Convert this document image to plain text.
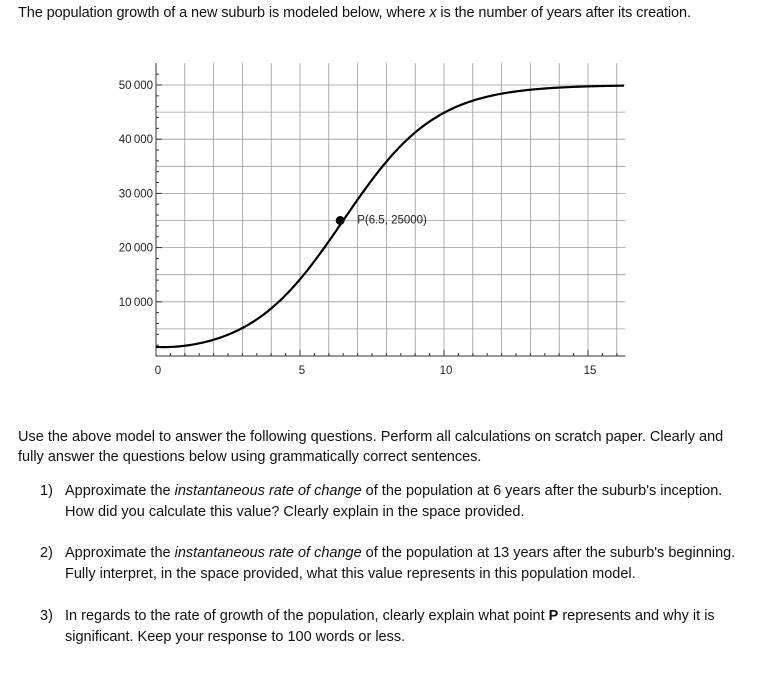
The population growth of a new suburb is modeled below, where x is the number of years after its creation.
10 000
20 000
30 000
40 000
50 000
0	5	10	15
P(6.5, 25000)
Use the above model to answer the following questions. Perform all calculations on scratch paper. Clearly and fully answer the questions below using grammatically correct sentences.
1) Approximate the instantaneous rate of change of the population at 6 years after the suburb's inception. How did you calculate this value? Clearly explain in the space provided.
2) Approximate the instantaneous rate of change of the population at 13 years after the suburb's beginning. Fully interpret, in the space provided, what this value represents in this population model.
3) In regards to the rate of growth of the population, clearly explain what point P represents and why it is significant. Keep your response to 100 words or less.
